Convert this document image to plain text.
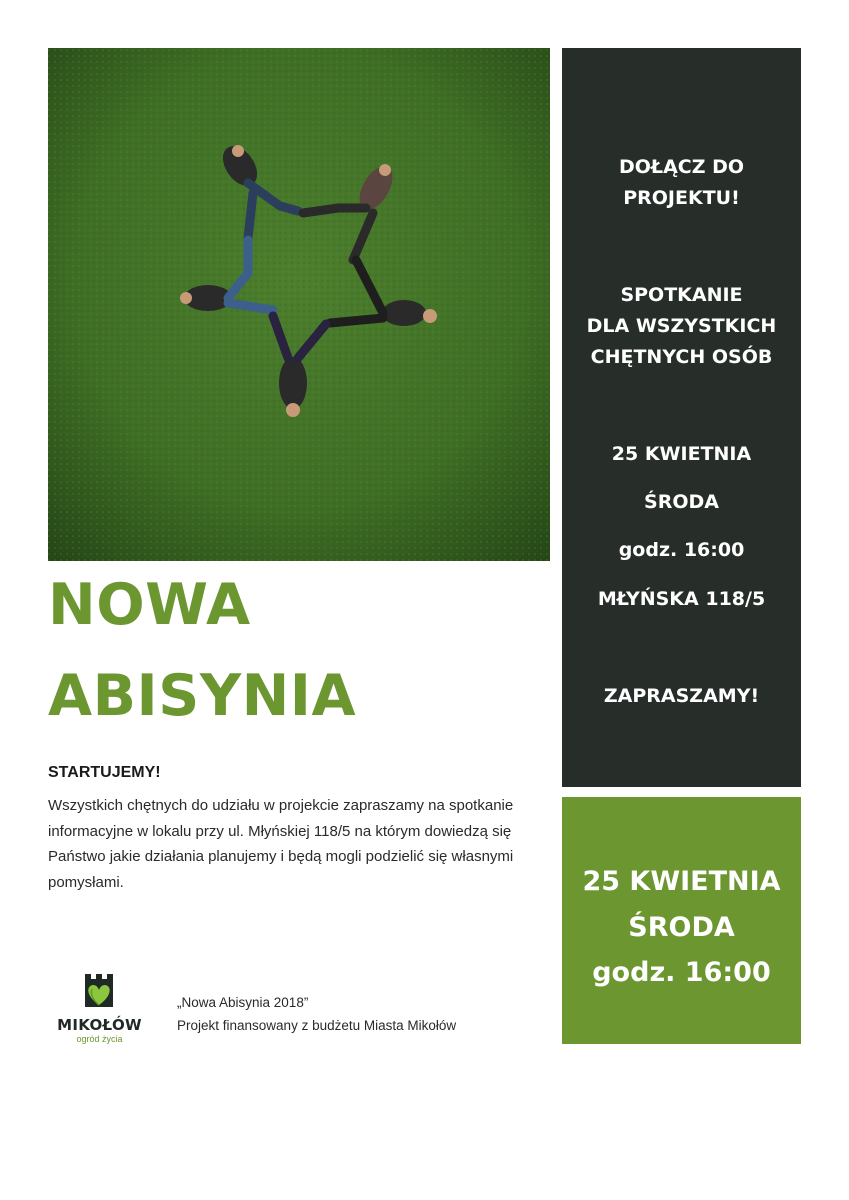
DOŁĄCZ DO
PROJEKTU!
SPOTKANIE
DLA WSZYSTKICH
CHĘTNYCH OSÓB
25 KWIETNIA
ŚRODA
godz. 16:00
MŁYŃSKA 118/5
ZAPRASZAMY!
25 KWIETNIA
ŚRODA
godz. 16:00
NOWA
ABISYNIA
STARTUJEMY!
Wszystkich chętnych do udziału w projekcie zapraszamy na spotkanie informacyjne w lokalu przy ul. Młyńskiej 118/5 na którym dowiedzą się Państwo jakie działania planujemy i będą mogli podzielić się własnymi pomysłami.
MIKOŁÓW
ogród życia
„Nowa Abisynia 2018”
Projekt finansowany z budżetu Miasta Mikołów
